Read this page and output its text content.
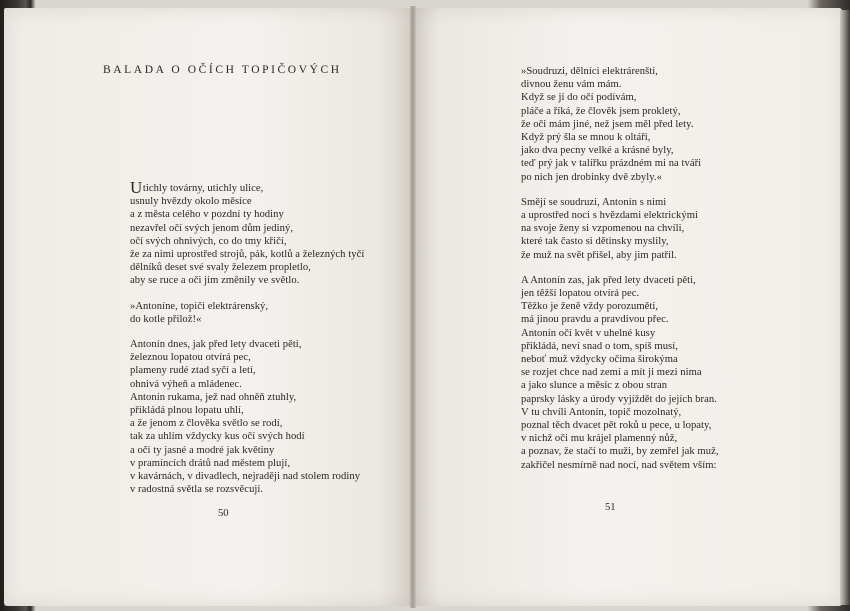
BALADA O OČÍCH TOPIČOVÝCH
Utichly továrny, utichly ulice,
usnuly hvězdy okolo měsíce
a z města celého v pozdní ty hodiny
nezavřel očí svých jenom dům jediný,
očí svých ohnivých, co do tmy křičí,
že za nimi uprostřed strojů, pák, kotlů a železných tyčí
dělníků deset své svaly železem propletlo,
aby se ruce a oči jim změnily ve světlo.
»Antoníne, topiči elektrárenský,
do kotle přilož!«
Antonín dnes, jak před lety dvaceti pěti,
železnou lopatou otvírá pec,
plameny rudé ztad syčí a letí,
ohnivá výheň a mládenec.
Antonín rukama, jež nad ohněň ztuhly,
přikládá plnou lopatu uhlí,
a že jenom z člověka světlo se rodí,
tak za uhlím vždycky kus očí svých hodí
a oči ty jasné a modré jak květiny
v pramíncích drátů nad městem plují,
v kavárnách, v divadlech, nejraději nad stolem rodiny
v radostná světla se rozsvěcují.
50
»Soudruzi, dělníci elektrárenští,
divnou ženu vám mám.
Když se jí do očí podívám,
pláče a říká, že člověk jsem prokletý,
že oči mám jiné, než jsem měl před lety.
Když prý šla se mnou k oltáři,
jako dva pecny velké a krásné byly,
teď prý jak v talířku prázdném mi na tváři
po nich jen drobinky dvě zbyly.«
Smějí se soudruzi, Antonín s nimi
a uprostřed noci s hvězdami elektrickými
na svoje ženy si vzpomenou na chvíli,
které tak často si dětinsky myslily,
že muž na svět přišel, aby jim patřil.
A Antonín zas, jak před lety dvaceti pěti,
jen těžší lopatou otvírá pec.
Těžko je ženě vždy porozumětí,
má jinou pravdu a pravdivou přec.
Antonín očí květ v uhelné kusy
přikládá, neví snad o tom, spíš musí,
neboť muž vždycky očima širokýma
se rozjet chce nad zemí a mít ji mezi nima
a jako slunce a měsíc z obou stran
paprsky lásky a úrody vyjíždět do jejích bran.
V tu chvíli Antonín, topič mozolnatý,
poznal těch dvacet pět roků u pece, u lopaty,
v nichž oči mu krájel plamenný nůž,
a poznav, že stačí to muži, by zemřel jak muž,
zakřičel nesmírně nad nocí, nad světem vším:
51
